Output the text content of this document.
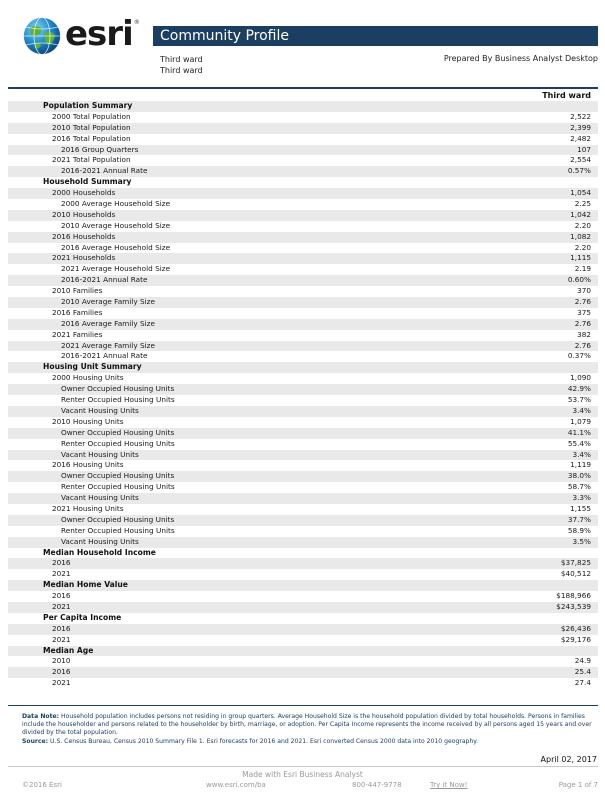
esri ®
Community Profile
Third ward
Third ward
Prepared By Business Analyst Desktop
Third ward
Population Summary
2000 Total Population	2,522
2010 Total Population	2,399
2016 Total Population	2,482
2016 Group Quarters	107
2021 Total Population	2,554
2016-2021 Annual Rate	0.57%
Household Summary
2000 Households	1,054
2000 Average Household Size	2.25
2010 Households	1,042
2010 Average Household Size	2.20
2016 Households	1,082
2016 Average Household Size	2.20
2021 Households	1,115
2021 Average Household Size	2.19
2016-2021 Annual Rate	0.60%
2010 Families	370
2010 Average Family Size	2.76
2016 Families	375
2016 Average Family Size	2.76
2021 Families	382
2021 Average Family Size	2.76
2016-2021 Annual Rate	0.37%
Housing Unit Summary
2000 Housing Units	1,090
Owner Occupied Housing Units	42.9%
Renter Occupied Housing Units	53.7%
Vacant Housing Units	3.4%
2010 Housing Units	1,079
Owner Occupied Housing Units	41.1%
Renter Occupied Housing Units	55.4%
Vacant Housing Units	3.4%
2016 Housing Units	1,119
Owner Occupied Housing Units	38.0%
Renter Occupied Housing Units	58.7%
Vacant Housing Units	3.3%
2021 Housing Units	1,155
Owner Occupied Housing Units	37.7%
Renter Occupied Housing Units	58.9%
Vacant Housing Units	3.5%
Median Household Income
2016	$37,825
2021	$40,512
Median Home Value
2016	$188,966
2021	$243,539
Per Capita Income
2016	$26,436
2021	$29,176
Median Age
2010	24.9
2016	25.4
2021	27.4
Data Note: Household population includes persons not residing in group quarters. Average Household Size is the household population divided by total households. Persons in families include the householder and persons related to the householder by birth, marriage, or adoption. Per Capita Income represents the income received by all persons aged 15 years and over divided by the total population.
Source: U.S. Census Bureau, Census 2010 Summary File 1. Esri forecasts for 2016 and 2021. Esri converted Census 2000 data into 2010 geography.
April 02, 2017
Made with Esri Business Analyst
©2016 Esri	www.esri.com/ba	800-447-9778	Try it Now!	Page 1 of 7
